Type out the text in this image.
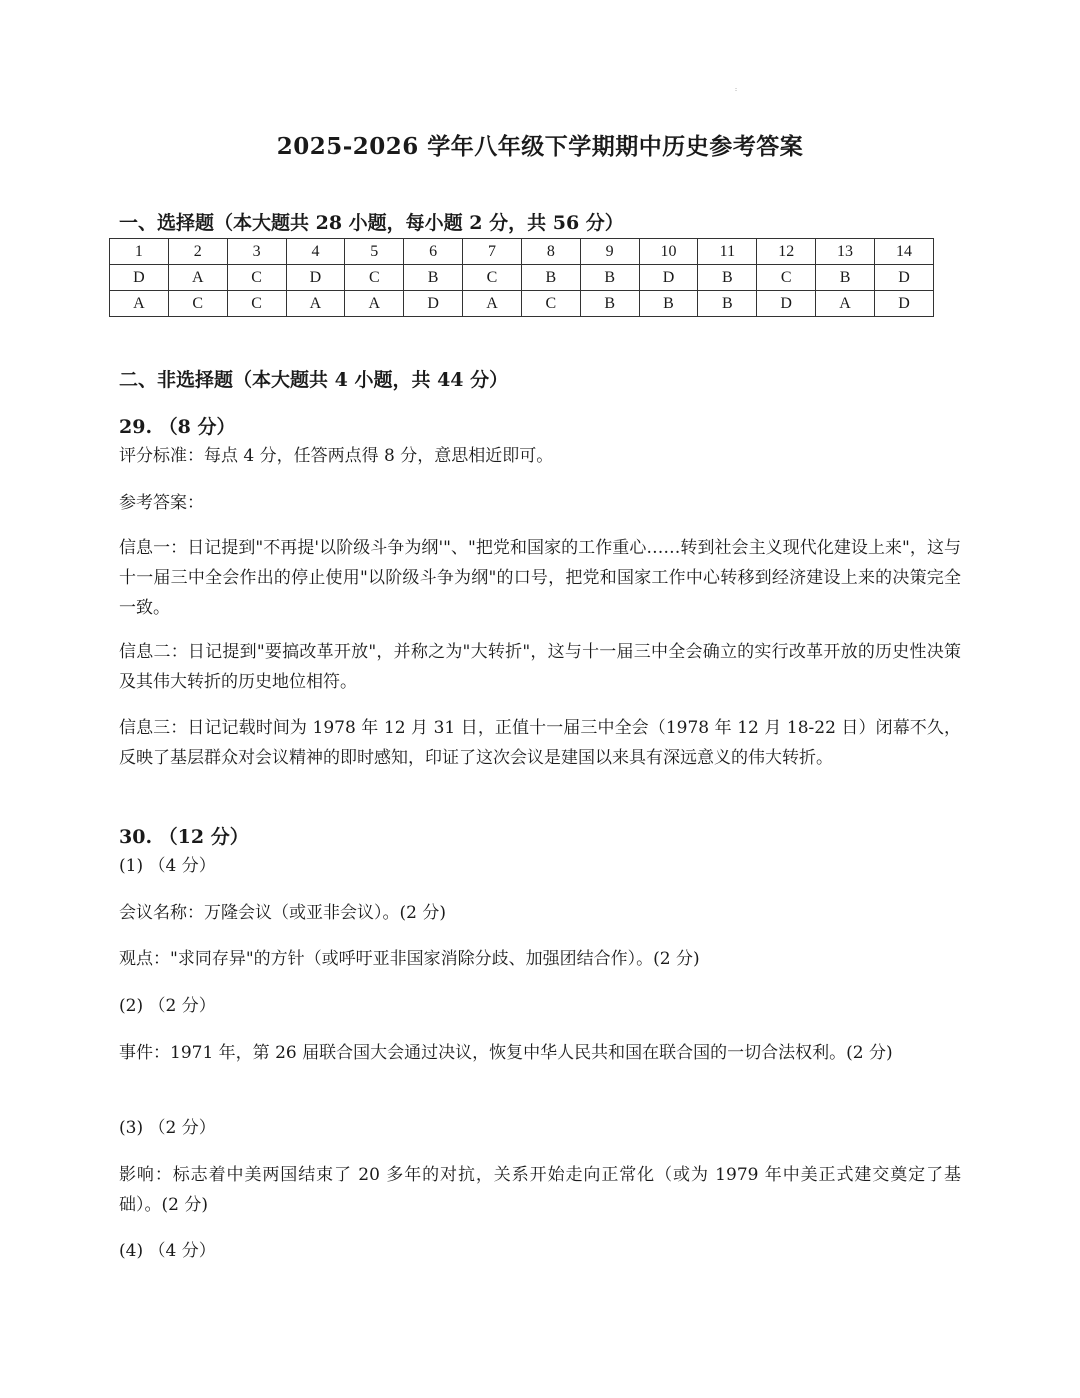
:
2025-2026 学年八年级下学期期中历史参考答案
一、选择题（本大题共 28 小题，每小题 2 分，共 56 分）
1	2	3	4	5	6	7	8	9	10	11	12	13	14
D	A	C	D	C	B	C	B	B	D	B	C	B	D
A	C	C	A	A	D	A	C	B	B	B	D	A	D
二、非选择题（本大题共 4 小题，共 44 分）
29. （8 分）
评分标准：每点 4 分，任答两点得 8 分，意思相近即可。
参考答案：
信息一：日记提到"不再提'以阶级斗争为纲'"、"把党和国家的工作重心……转到社会主义现代化建设上来"，这与十一届三中全会作出的停止使用"以阶级斗争为纲"的口号，把党和国家工作中心转移到经济建设上来的决策完全一致。
信息二：日记提到"要搞改革开放"，并称之为"大转折"，这与十一届三中全会确立的实行改革开放的历史性决策及其伟大转折的历史地位相符。
信息三：日记记载时间为 1978 年 12 月 31 日，正值十一届三中全会（1978 年 12 月 18-22 日）闭幕不久，反映了基层群众对会议精神的即时感知，印证了这次会议是建国以来具有深远意义的伟大转折。
30. （12 分）
(1) （4 分）
会议名称：万隆会议（或亚非会议）。(2 分)
观点："求同存异"的方针（或呼吁亚非国家消除分歧、加强团结合作）。(2 分)
(2) （2 分）
事件：1971 年，第 26 届联合国大会通过决议，恢复中华人民共和国在联合国的一切合法权利。(2 分)
(3) （2 分）
影响：标志着中美两国结束了 20 多年的对抗，关系开始走向正常化（或为 1979 年中美正式建交奠定了基础）。(2 分)
(4) （4 分）
